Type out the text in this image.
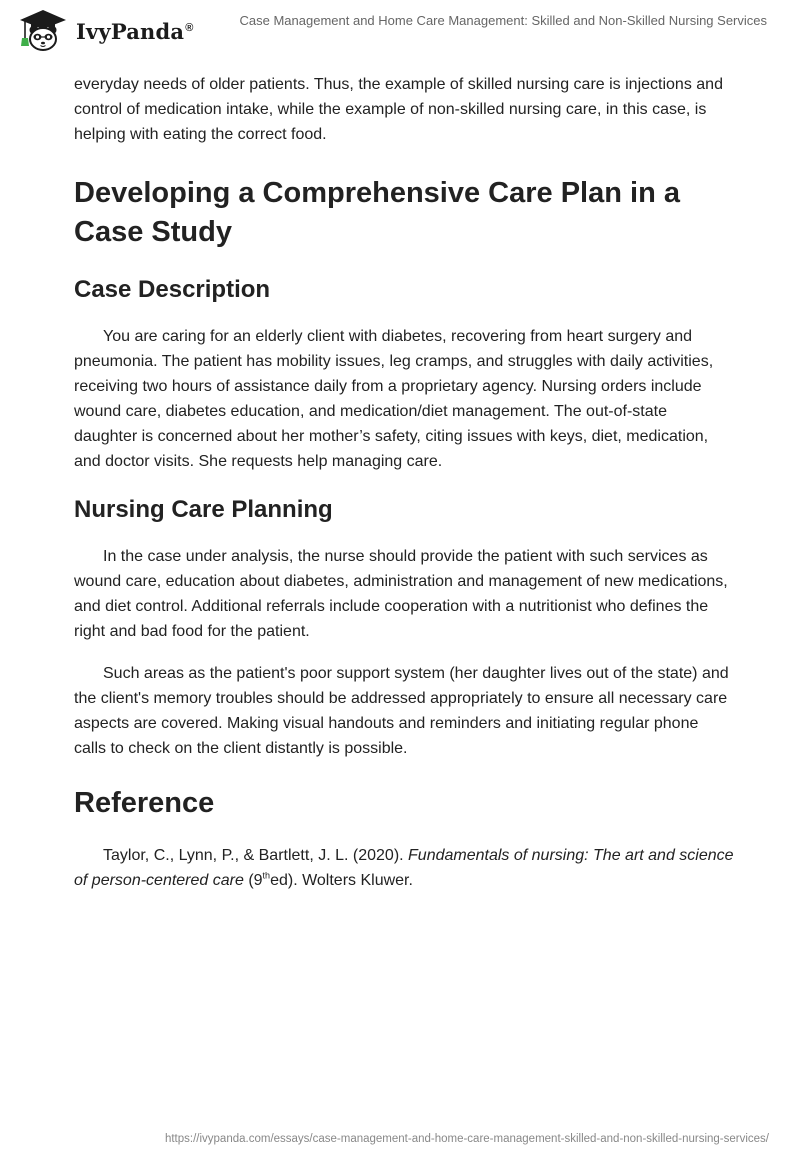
IvyPanda®	Case Management and Home Care Management: Skilled and Non-Skilled Nursing Services

everyday needs of older patients. Thus, the example of skilled nursing care is injections and control of medication intake, while the example of non-skilled nursing care, in this case, is helping with eating the correct food.

Developing a Comprehensive Care Plan in a Case Study
Case Description

You are caring for an elderly client with diabetes, recovering from heart surgery and pneumonia. The patient has mobility issues, leg cramps, and struggles with daily activities, receiving two hours of assistance daily from a proprietary agency. Nursing orders include wound care, diabetes education, and medication/diet management. The out-of-state daughter is concerned about her mother’s safety, citing issues with keys, diet, medication, and doctor visits. She requests help managing care.

Nursing Care Planning

In the case under analysis, the nurse should provide the patient with such services as wound care, education about diabetes, administration and management of new medications, and diet control. Additional referrals include cooperation with a nutritionist who defines the right and bad food for the patient.

Such areas as the patient's poor support system (her daughter lives out of the state) and the client's memory troubles should be addressed appropriately to ensure all necessary care aspects are covered. Making visual handouts and reminders and initiating regular phone calls to check on the client distantly is possible.

Reference

Taylor, C., Lynn, P., & Bartlett, J. L. (2020). Fundamentals of nursing: The art and science of person-centered care (9thed). Wolters Kluwer.

https://ivypanda.com/essays/case-management-and-home-care-management-skilled-and-non-skilled-nursing-services/
